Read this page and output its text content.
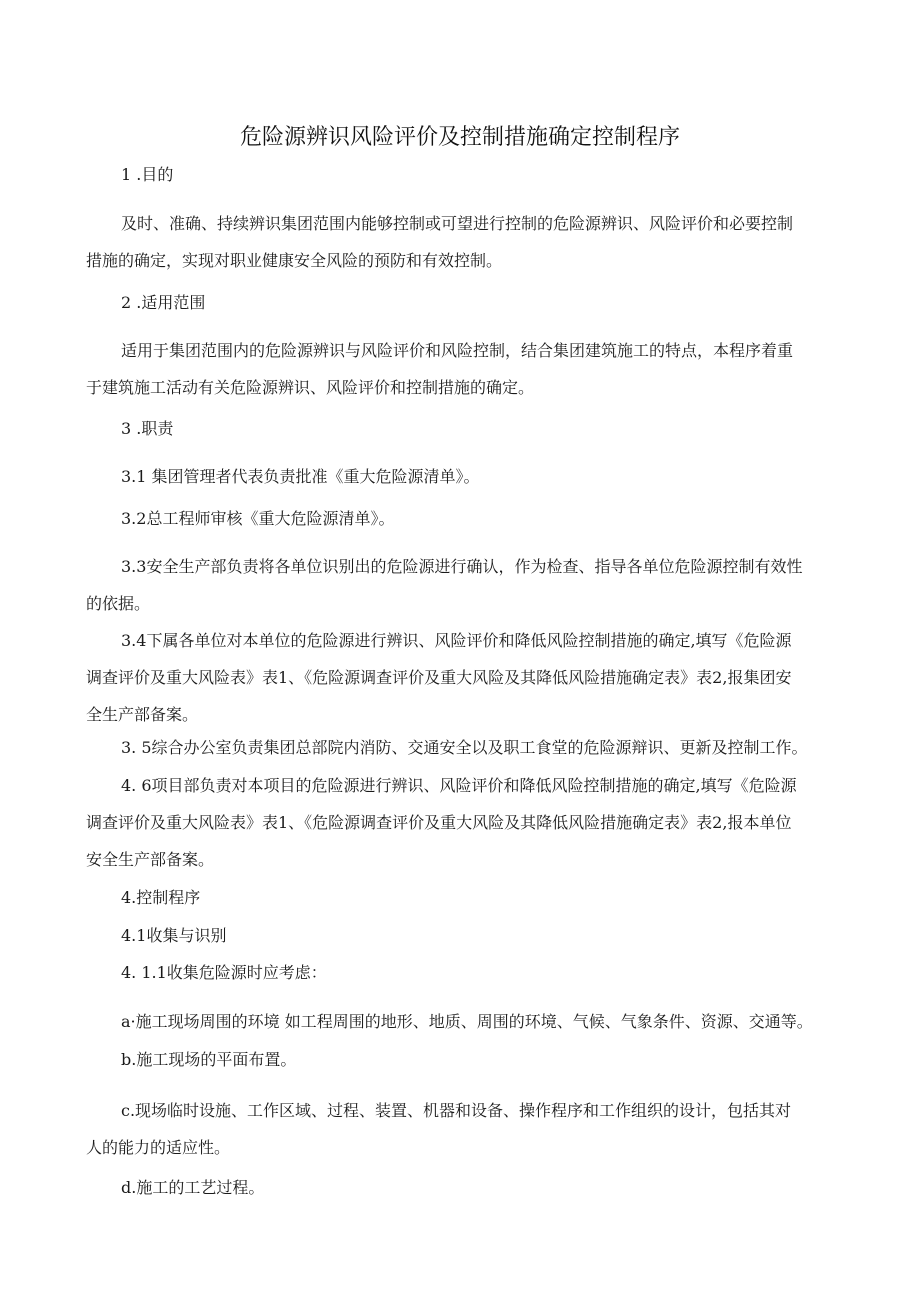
危险源辨识风险评价及控制措施确定控制程序
1 .目的
及时、准确、持续辨识集团范围内能够控制或可望进行控制的危险源辨识、风险评价和必要控制
措施的确定，实现对职业健康安全风险的预防和有效控制。
2 .适用范围
适用于集团范围内的危险源辨识与风险评价和风险控制，结合集团建筑施工的特点，本程序着重
于建筑施工活动有关危险源辨识、风险评价和控制措施的确定。
3 .职责
3.1 集团管理者代表负责批准《重大危险源清单》。
3.2总工程师审核《重大危险源清单》。
3.3安全生产部负责将各单位识别出的危险源进行确认，作为检查、指导各单位危险源控制有效性
的依据。
3.4下属各单位对本单位的危险源进行辨识、风险评价和降低风险控制措施的确定,填写《危险源
调查评价及重大风险表》表1、《危险源调查评价及重大风险及其降低风险措施确定表》表2,报集团安
全生产部备案。
3. 5综合办公室负责集团总部院内消防、交通安全以及职工食堂的危险源辩识、更新及控制工作。
4. 6项目部负责对本项目的危险源进行辨识、风险评价和降低风险控制措施的确定,填写《危险源
调查评价及重大风险表》表1、《危险源调查评价及重大风险及其降低风险措施确定表》表2,报本单位
安全生产部备案。
4.控制程序
4.1收集与识别
4. 1.1收集危险源时应考虑：
a·施工现场周围的环境 如工程周围的地形、地质、周围的环境、气候、气象条件、资源、交通等。
b.施工现场的平面布置。
c.现场临时设施、工作区域、过程、装置、机器和设备、操作程序和工作组织的设计，包括其对
人的能力的适应性。
d.施工的工艺过程。
